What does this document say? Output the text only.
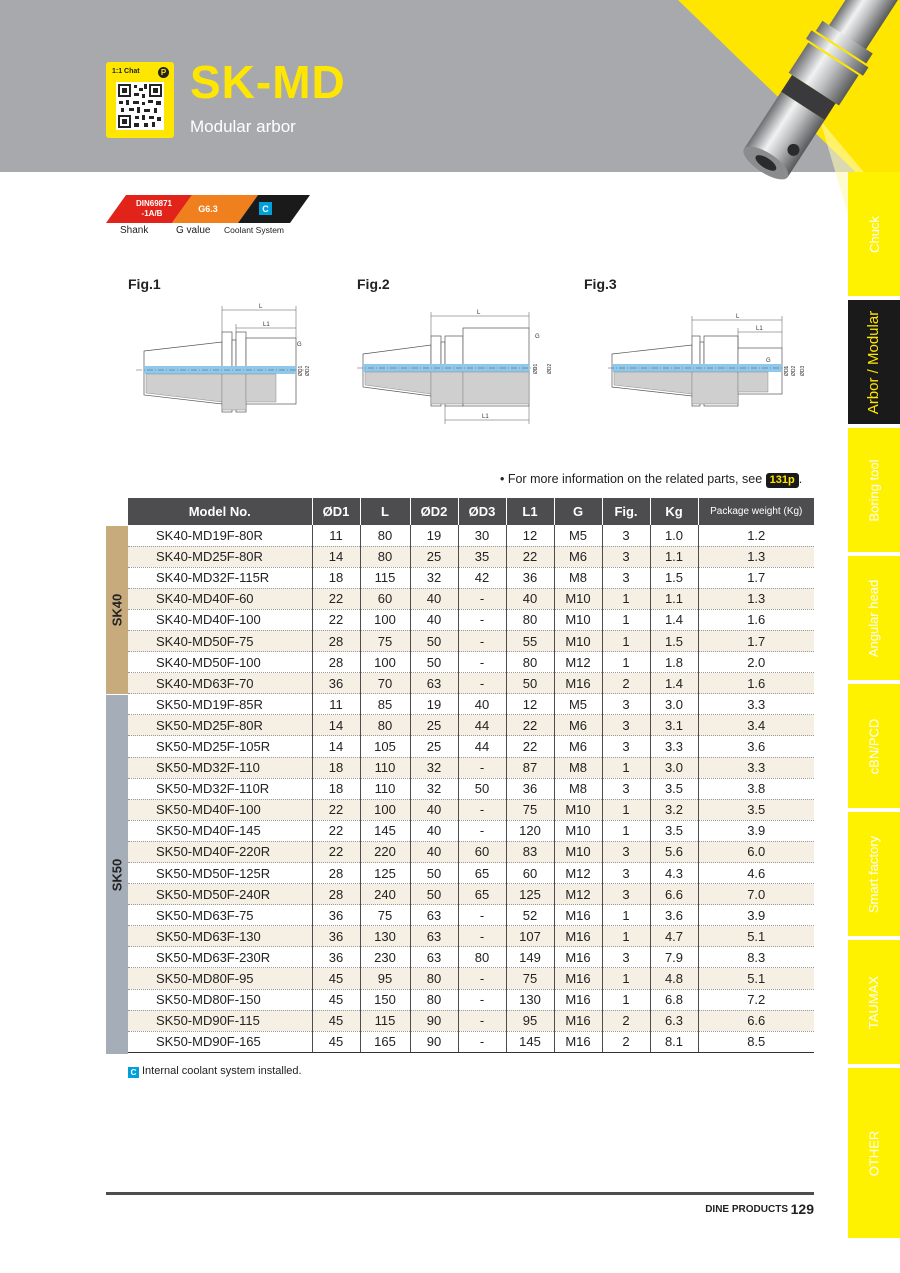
1:1 Chat	P SK-MD
Modular arbor
Chuck
Arbor / Modular
Boring tool
Angular head
cBN/PCD
Smart factory
TAUMAX
OTHER
DIN69871
-1A/B	G6.3	C
Shank	G value Coolant System
Fig.1	Fig.2	Fig.3
L
L1
G
ØD1 ØD2
L
L1
G
ØD1 ØD2
L
L1
G
ØD1 ØD2 ØD3
• For more information on the related parts, see 131p .
SK40
SK50
Model No.	ØD1	L	ØD2	ØD3	L1	G	Fig.	Kg	Package weight (Kg)
SK40-MD19F-80R	11	80	19	30	12	M5	3	1.0	1.2
SK40-MD25F-80R	14	80	25	35	22	M6	3	1.1	1.3
SK40-MD32F-115R	18	115	32	42	36	M8	3	1.5	1.7
SK40-MD40F-60	22	60	40	-	40	M10	1	1.1	1.3
SK40-MD40F-100	22	100	40	-	80	M10	1	1.4	1.6
SK40-MD50F-75	28	75	50	-	55	M10	1	1.5	1.7
SK40-MD50F-100	28	100	50	-	80	M12	1	1.8	2.0
SK40-MD63F-70	36	70	63	-	50	M16	2	1.4	1.6
SK50-MD19F-85R	11	85	19	40	12	M5	3	3.0	3.3
SK50-MD25F-80R	14	80	25	44	22	M6	3	3.1	3.4
SK50-MD25F-105R	14	105	25	44	22	M6	3	3.3	3.6
SK50-MD32F-110	18	110	32	-	87	M8	1	3.0	3.3
SK50-MD32F-110R	18	110	32	50	36	M8	3	3.5	3.8
SK50-MD40F-100	22	100	40	-	75	M10	1	3.2	3.5
SK50-MD40F-145	22	145	40	-	120	M10	1	3.5	3.9
SK50-MD40F-220R	22	220	40	60	83	M10	3	5.6	6.0
SK50-MD50F-125R	28	125	50	65	60	M12	3	4.3	4.6
SK50-MD50F-240R	28	240	50	65	125	M12	3	6.6	7.0
SK50-MD63F-75	36	75	63	-	52	M16	1	3.6	3.9
SK50-MD63F-130	36	130	63	-	107	M16	1	4.7	5.1
SK50-MD63F-230R	36	230	63	80	149	M16	3	7.9	8.3
SK50-MD80F-95	45	95	80	-	75	M16	1	4.8	5.1
SK50-MD80F-150	45	150	80	-	130	M16	1	6.8	7.2
SK50-MD90F-115	45	115	90	-	95	M16	2	6.3	6.6
SK50-MD90F-165	45	165	90	-	145	M16	2	8.1	8.5
C Internal coolant system installed.
129
DINE PRODUCTS
